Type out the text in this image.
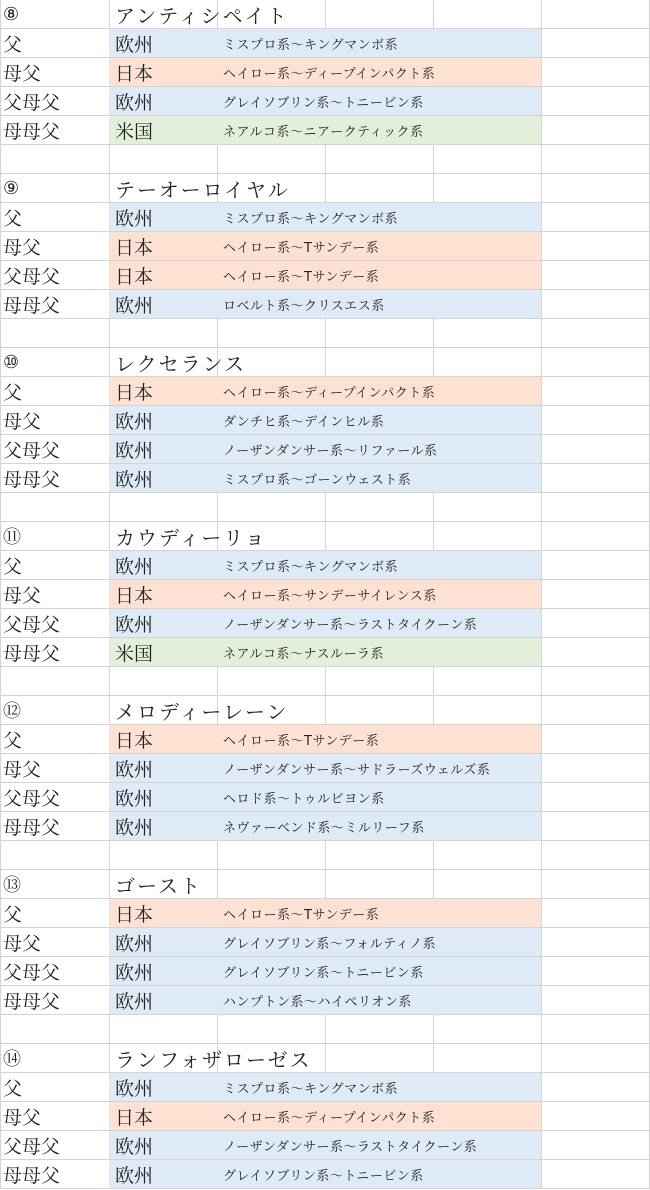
⑧	アンティシペイト
父	欧州	ミスプロ系～キングマンボ系
母父	日本	ヘイロー系～ディープインパクト系
父母父	欧州	グレイソブリン系～トニービン系
母母父	米国	ネアルコ系～ニアークティック系
⑨	テーオーロイヤル
父	欧州	ミスプロ系～キングマンボ系
母父	日本	ヘイロー系～Tサンデー系
父母父	日本	ヘイロー系～Tサンデー系
母母父	欧州	ロベルト系～クリスエス系
⑩	レクセランス
父	日本	ヘイロー系～ディープインパクト系
母父	欧州	ダンチヒ系～デインヒル系
父母父	欧州	ノーザンダンサー系～リファール系
母母父	欧州	ミスプロ系～ゴーンウェスト系
⑪	カウディーリョ
父	欧州	ミスプロ系～キングマンボ系
母父	日本	ヘイロー系～サンデーサイレンス系
父母父	欧州	ノーザンダンサー系～ラストタイクーン系
母母父	米国	ネアルコ系～ナスルーラ系
⑫	メロディーレーン
父	日本	ヘイロー系～Tサンデー系
母父	欧州	ノーザンダンサー系～サドラーズウェルズ系
父母父	欧州	ヘロド系～トゥルビヨン系
母母父	欧州	ネヴァーベンド系～ミルリーフ系
⑬	ゴースト
父	日本	ヘイロー系～Tサンデー系
母父	欧州	グレイソブリン系～フォルティノ系
父母父	欧州	グレイソブリン系～トニービン系
母母父	欧州	ハンプトン系～ハイペリオン系
⑭	ランフォザローゼス
父	欧州	ミスプロ系～キングマンボ系
母父	日本	ヘイロー系～ディープインパクト系
父母父	欧州	ノーザンダンサー系～ラストタイクーン系
母母父	欧州	グレイソブリン系～トニービン系
